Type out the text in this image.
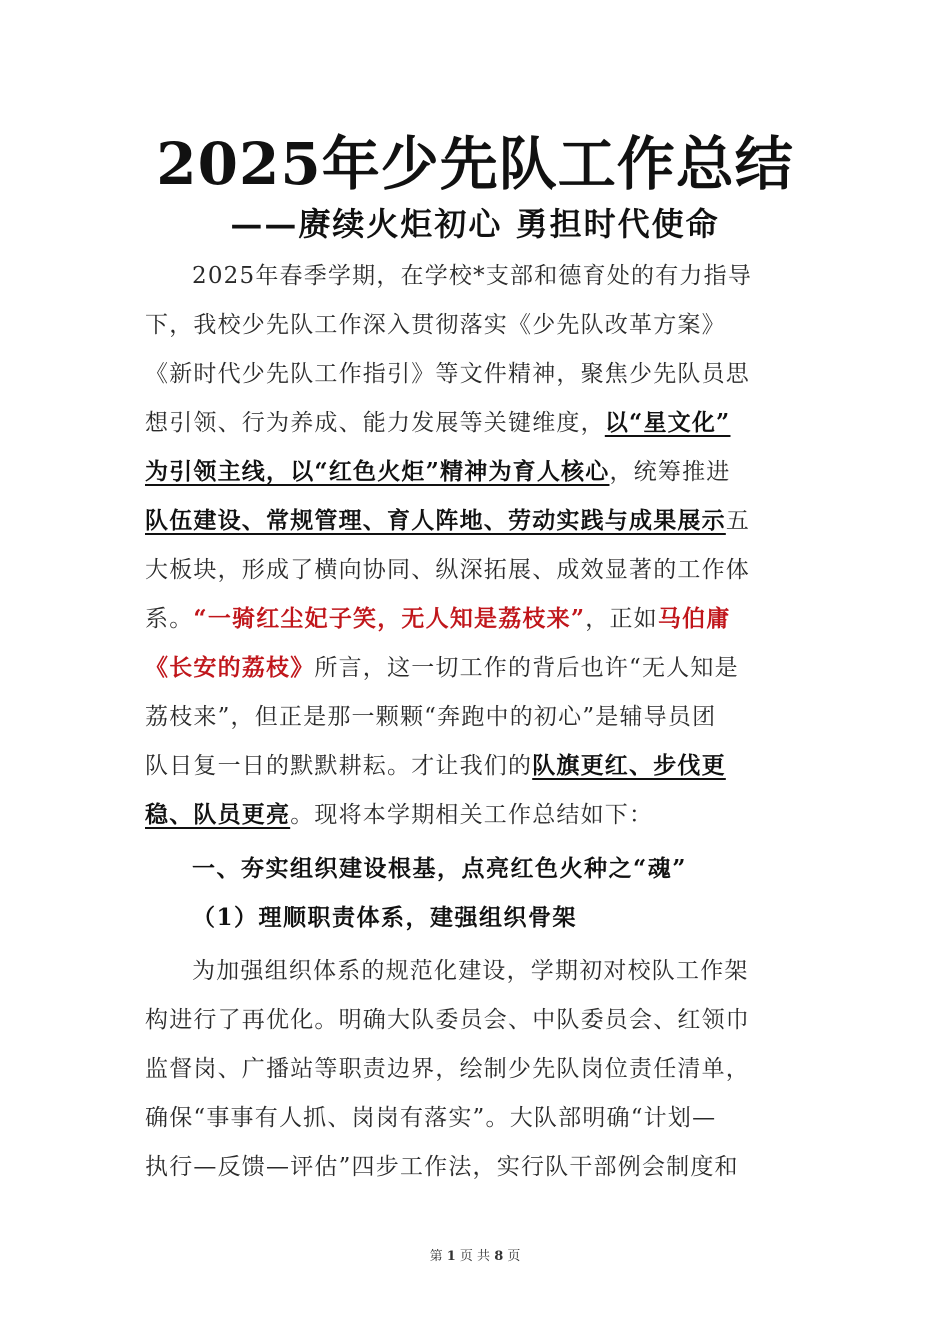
2025年少先队工作总结
——赓续火炬初心 勇担时代使命
2025年春季学期，在学校*支部和德育处的有力指导
下，我校少先队工作深入贯彻落实《少先队改革方案》
《新时代少先队工作指引》等文件精神，聚焦少先队员思
想引领、行为养成、能力发展等关键维度，以“星文化”
为引领主线，以“红色火炬”精神为育人核心，统筹推进
队伍建设、常规管理、育人阵地、劳动实践与成果展示五
大板块，形成了横向协同、纵深拓展、成效显著的工作体
系。“一骑红尘妃子笑，无人知是荔枝来”，正如马伯庸
《长安的荔枝》所言，这一切工作的背后也许“无人知是
荔枝来”，但正是那一颗颗“奔跑中的初心”是辅导员团
队日复一日的默默耕耘。才让我们的队旗更红、步伐更
稳、队员更亮。现将本学期相关工作总结如下：
一、夯实组织建设根基，点亮红色火种之“魂”
（1）理顺职责体系，建强组织骨架
为加强组织体系的规范化建设，学期初对校队工作架
构进行了再优化。明确大队委员会、中队委员会、红领巾
监督岗、广播站等职责边界，绘制少先队岗位责任清单，
确保“事事有人抓、岗岗有落实”。大队部明确“计划—
执行—反馈—评估”四步工作法，实行队干部例会制度和
第 1 页 共 8 页
